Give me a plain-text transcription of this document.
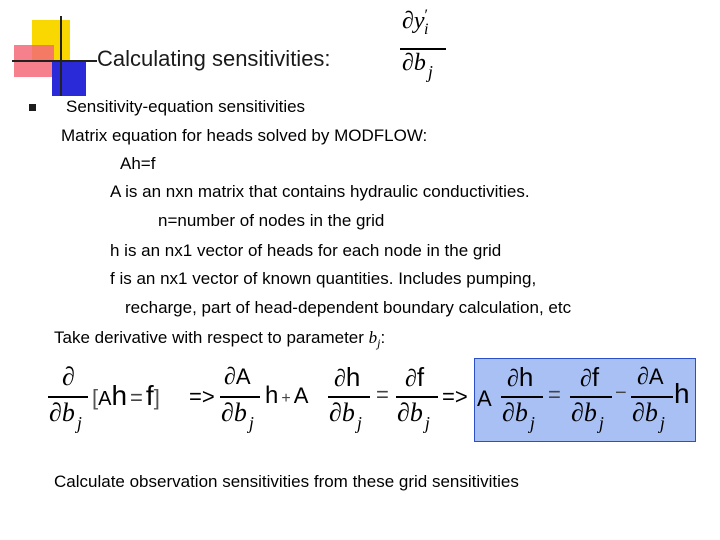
Calculating sensitivities:
$\partial y'_i$
∂b $_j$
Sensitivity-equation sensitivities
Matrix equation for heads solved by MODFLOW:
Ah=f
A is an nxn matrix that contains hydraulic conductivities.
n=number of nodes in the grid
h is an nx1 vector of heads for each node in the grid
f is an nx1 vector of known quantities. Includes pumping,
recharge, part of head-dependent boundary calculation, etc
Take derivative with respect to parameter $b_j$:
∂
∂b $_j$
[Ah = f] =>
∂A
∂b $_j$
h + A
∂h
∂b $_j$
=
∂f
∂b $_j$
=> A
∂h
∂b $_j$
=
∂f
∂b $_j$
−
∂A
∂b $_j$
h
Calculate observation sensitivities from these grid sensitivities
